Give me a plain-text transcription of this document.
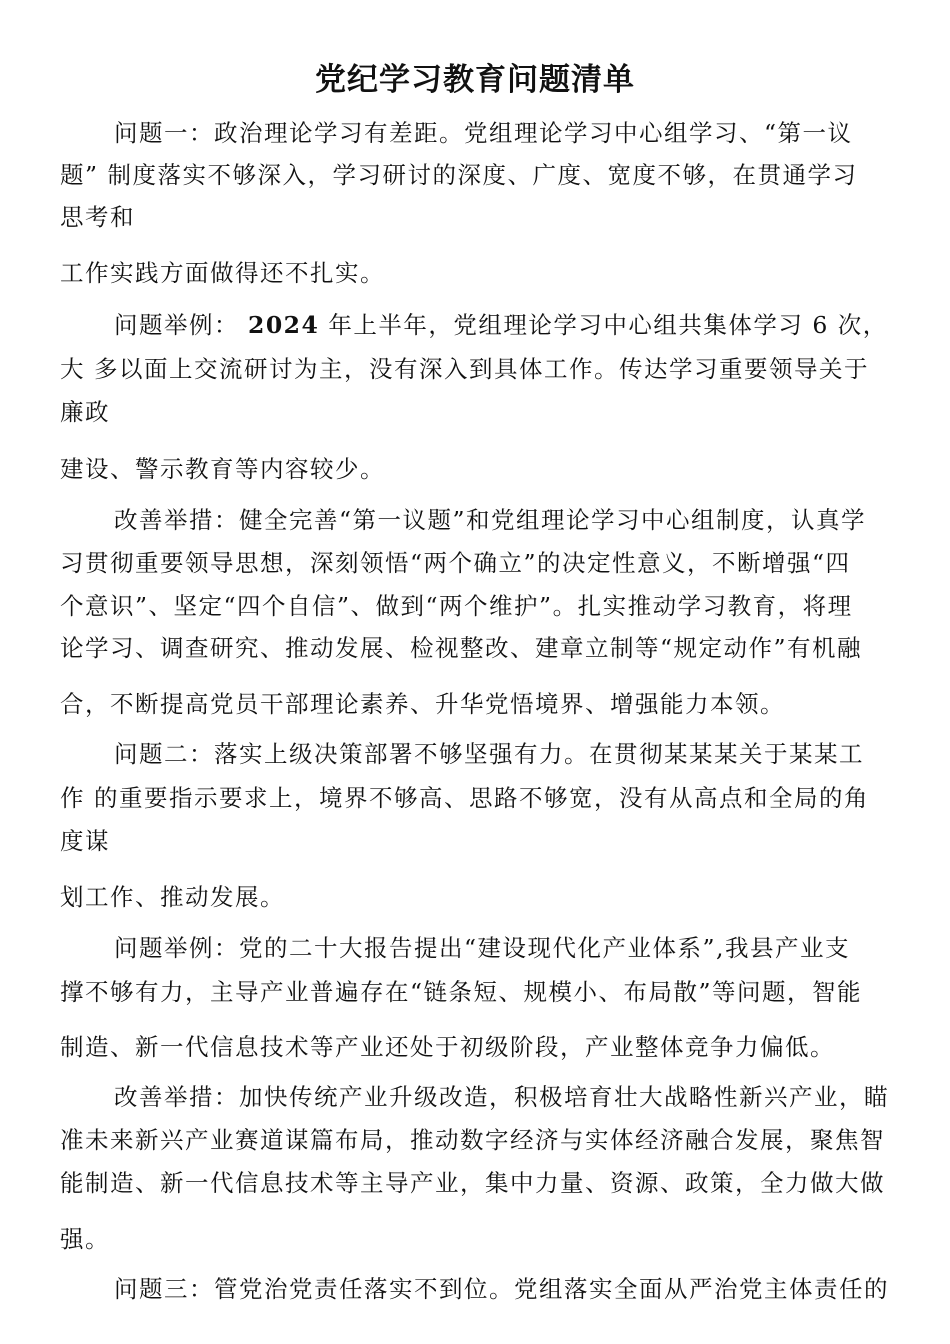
党纪学习教育问题清单
问题一：政治理论学习有差距。党组理论学习中心组学习、“第一议
题” 制度落实不够深入，学习研讨的深度、广度、宽度不够，在贯通学习
思考和
工作实践方面做得还不扎实。
问题举例： 2024 年上半年，党组理论学习中心组共集体学习 6 次，
大 多以面上交流研讨为主，没有深入到具体工作。传达学习重要领导关于
廉政
建设、警示教育等内容较少。
改善举措：健全完善“第一议题”和党组理论学习中心组制度，认真学
习贯彻重要领导思想，深刻领悟“两个确立”的决定性意义，不断增强“四
个意识”、坚定“四个自信”、做到“两个维护”。扎实推动学习教育，将理
论学习、调查研究、推动发展、检视整改、建章立制等“规定动作”有机融
合，不断提高党员干部理论素养、升华党悟境界、增强能力本领。
问题二：落实上级决策部署不够坚强有力。在贯彻某某某关于某某工
作 的重要指示要求上，境界不够高、思路不够宽，没有从高点和全局的角
度谋
划工作、推动发展。
问题举例：党的二十大报告提出“建设现代化产业体系”,我县产业支
撑不够有力，主导产业普遍存在“链条短、规模小、布局散”等问题，智能
制造、新一代信息技术等产业还处于初级阶段，产业整体竞争力偏低。
改善举措：加快传统产业升级改造，积极培育壮大战略性新兴产业，瞄
准未来新兴产业赛道谋篇布局，推动数字经济与实体经济融合发展，聚焦智
能制造、新一代信息技术等主导产业，集中力量、资源、政策，全力做大做
强。
问题三：管党治党责任落实不到位。党组落实全面从严治党主体责任的
